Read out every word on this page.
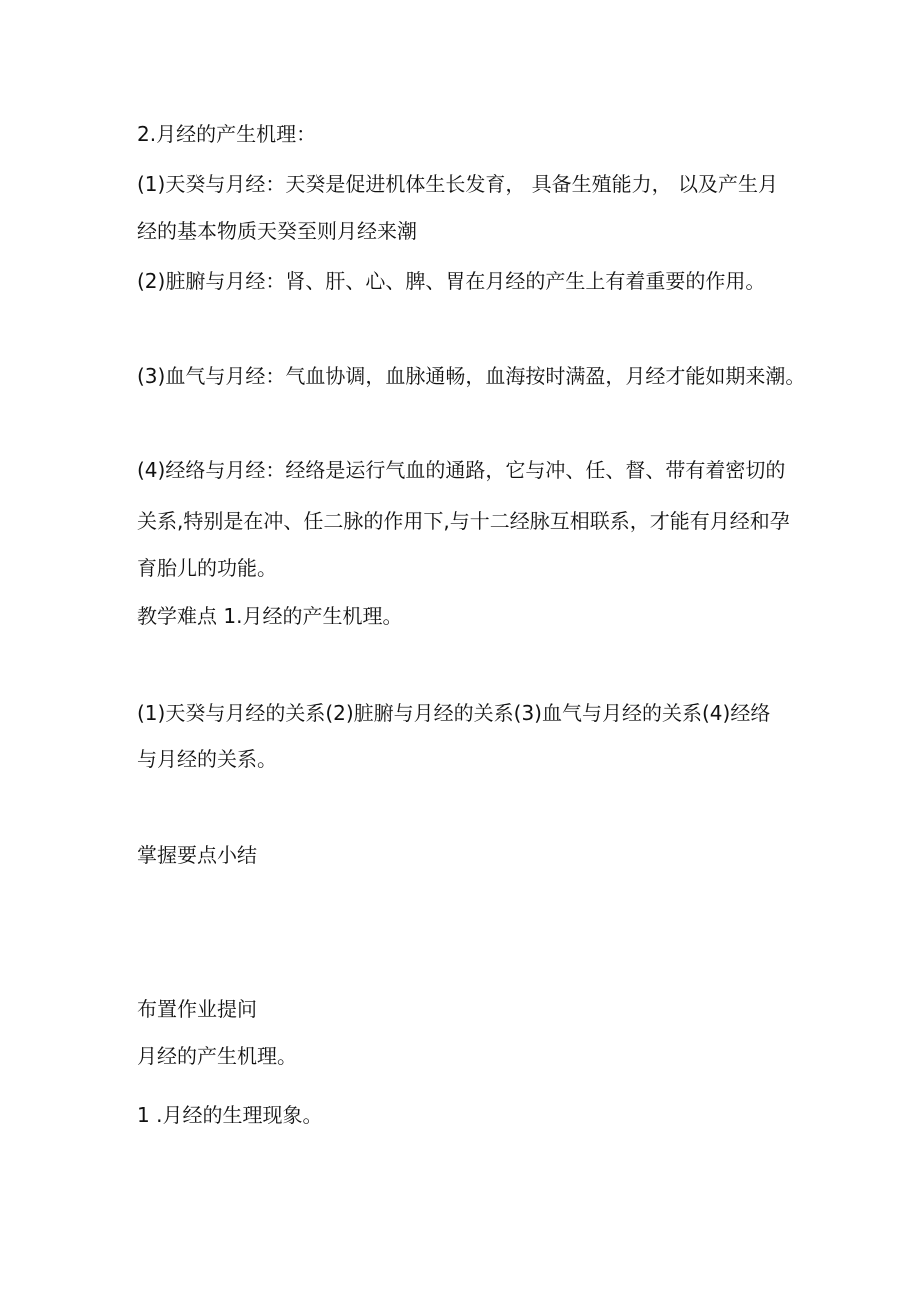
2.月经的产生机理：
(1)天癸与月经：天癸是促进机体生长发育， 具备生殖能力， 以及产生月
经的基本物质天癸至则月经来潮
(2)脏腑与月经：肾、肝、心、脾、胃在月经的产生上有着重要的作用。
(3)血气与月经：气血协调，血脉通畅，血海按时满盈，月经才能如期来潮。
(4)经络与月经：经络是运行气血的通路，它与冲、任、督、带有着密切的
关系,特别是在冲、任二脉的作用下,与十二经脉互相联系，才能有月经和孕
育胎儿的功能。
教学难点 1.月经的产生机理。
(1)天癸与月经的关系(2)脏腑与月经的关系(3)血气与月经的关系(4)经络
与月经的关系。
掌握要点小结
布置作业提问
月经的产生机理。
1 .月经的生理现象。
